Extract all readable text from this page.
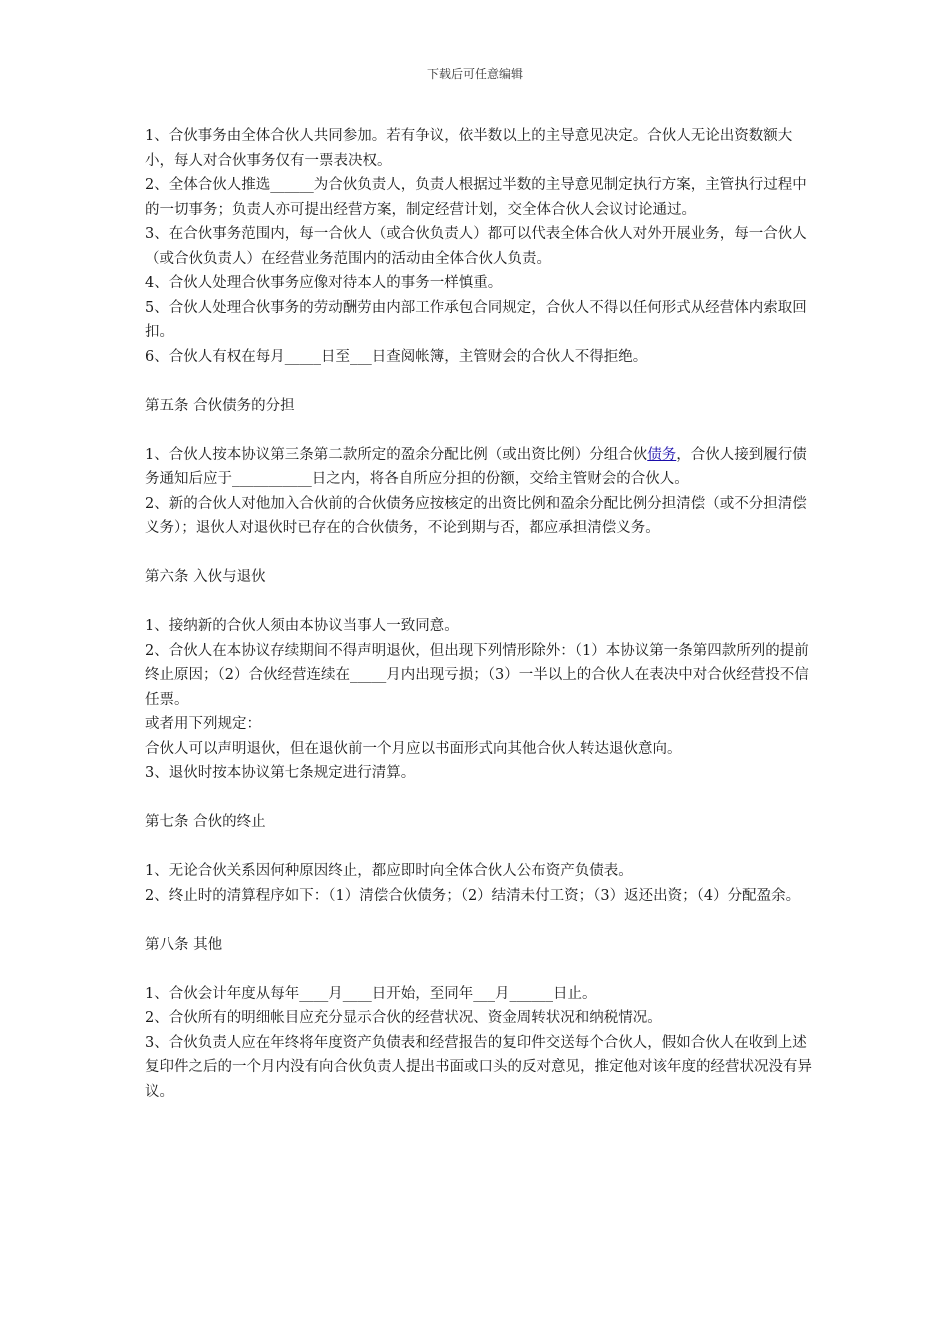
下载后可任意编辑

1、合伙事务由全体合伙人共同参加。若有争议，依半数以上的主导意见决定。合伙人无论出资数额大小，每人对合伙事务仅有一票表决权。

2、全体合伙人推选______为合伙负责人，负责人根据过半数的主导意见制定执行方案，主管执行过程中的一切事务；负责人亦可提出经营方案，制定经营计划，交全体合伙人会议讨论通过。

3、在合伙事务范围内，每一合伙人（或合伙负责人）都可以代表全体合伙人对外开展业务，每一合伙人（或合伙负责人）在经营业务范围内的活动由全体合伙人负责。

4、合伙人处理合伙事务应像对待本人的事务一样慎重。

5、合伙人处理合伙事务的劳动酬劳由内部工作承包合同规定，合伙人不得以任何形式从经营体内索取回扣。

6、合伙人有权在每月_____日至___日查阅帐簿，主管财会的合伙人不得拒绝。

第五条 合伙债务的分担

1、合伙人按本协议第三条第二款所定的盈余分配比例（或出资比例）分组合伙债务，合伙人接到履行债务通知后应于___________日之内，将各自所应分担的份额，交给主管财会的合伙人。

2、新的合伙人对他加入合伙前的合伙债务应按核定的出资比例和盈余分配比例分担清偿（或不分担清偿义务）；退伙人对退伙时已存在的合伙债务，不论到期与否，都应承担清偿义务。

第六条 入伙与退伙

1、接纳新的合伙人须由本协议当事人一致同意。

2、合伙人在本协议存续期间不得声明退伙，但出现下列情形除外：（1）本协议第一条第四款所列的提前终止原因；（2）合伙经营连续在_____月内出现亏损；（3）一半以上的合伙人在表决中对合伙经营投不信任票。

或者用下列规定：

合伙人可以声明退伙，但在退伙前一个月应以书面形式向其他合伙人转达退伙意向。

3、退伙时按本协议第七条规定进行清算。

第七条 合伙的终止

1、无论合伙关系因何种原因终止，都应即时向全体合伙人公布资产负债表。

2、终止时的清算程序如下：（1）清偿合伙债务；（2）结清未付工资；（3）返还出资；（4）分配盈余。

第八条 其他

1、合伙会计年度从每年____月____日开始，至同年___月______日止。

2、合伙所有的明细帐目应充分显示合伙的经营状况、资金周转状况和纳税情况。

3、合伙负责人应在年终将年度资产负债表和经营报告的复印件交送每个合伙人，假如合伙人在收到上述复印件之后的一个月内没有向合伙负责人提出书面或口头的反对意见，推定他对该年度的经营状况没有异议。
